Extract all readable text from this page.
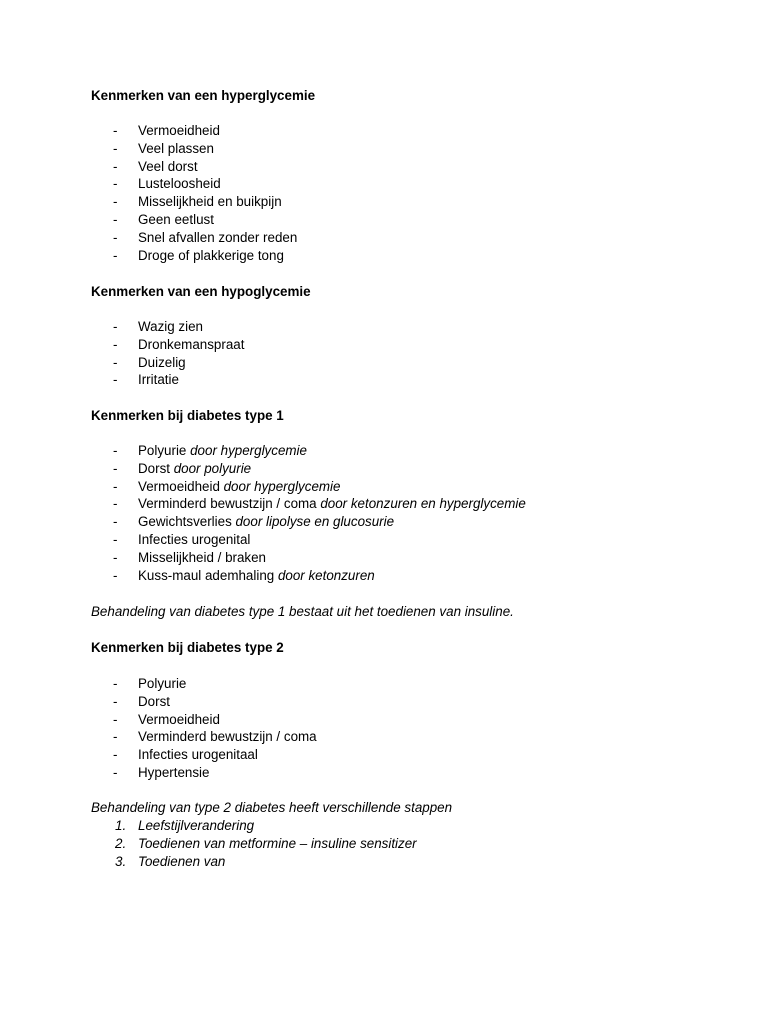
Kenmerken van een hyperglycemie
- Vermoeidheid
- Veel plassen
- Veel dorst
- Lusteloosheid
- Misselijkheid en buikpijn
- Geen eetlust
- Snel afvallen zonder reden
- Droge of plakkerige tong
Kenmerken van een hypoglycemie
- Wazig zien
- Dronkemanspraat
- Duizelig
- Irritatie
Kenmerken bij diabetes type 1
- Polyurie door hyperglycemie
- Dorst door polyurie
- Vermoeidheid door hyperglycemie
- Verminderd bewustzijn / coma door ketonzuren en hyperglycemie
- Gewichtsverlies door lipolyse en glucosurie
- Infecties urogenital
- Misselijkheid / braken
- Kuss-maul ademhaling door ketonzuren
Behandeling van diabetes type 1 bestaat uit het toedienen van insuline.
Kenmerken bij diabetes type 2
- Polyurie
- Dorst
- Vermoeidheid
- Verminderd bewustzijn / coma
- Infecties urogenitaal
- Hypertensie
Behandeling van type 2 diabetes heeft verschillende stappen
1. Leefstijlverandering
2. Toedienen van metformine – insuline sensitizer
3. Toedienen van
